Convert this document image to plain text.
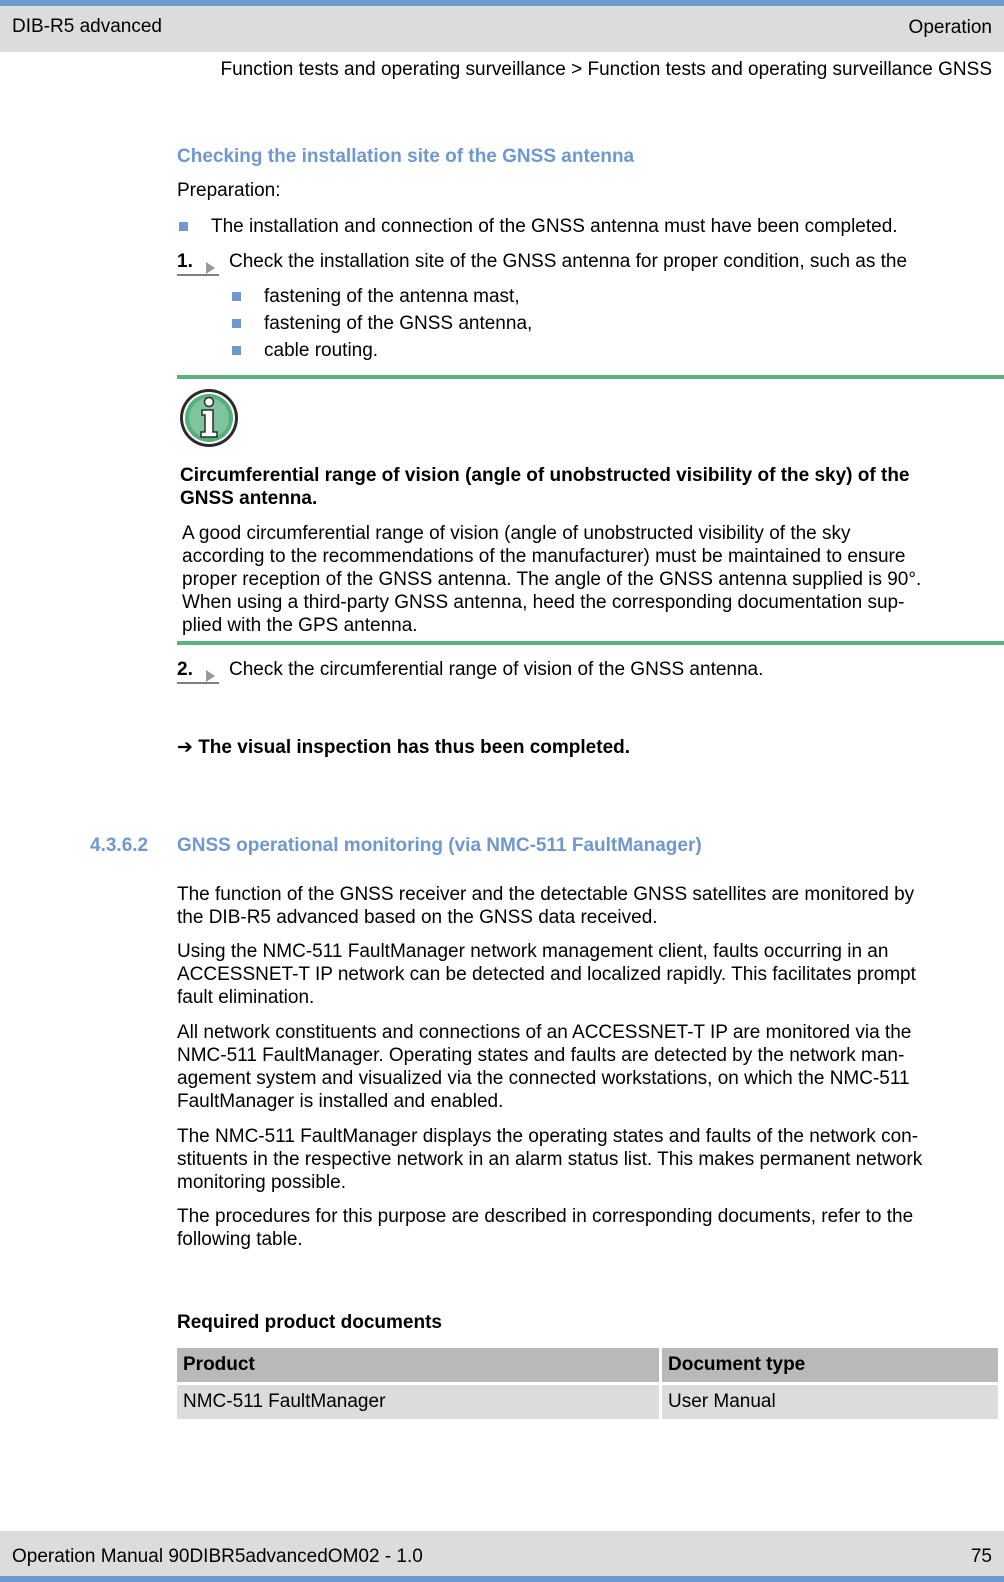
DIB-R5 advanced	Operation
Function tests and operating surveillance > Function tests and operating surveillance GNSS
Checking the installation site of the GNSS antenna
Preparation:
The installation and connection of the GNSS antenna must have been completed.
1. Check the installation site of the GNSS antenna for proper condition, such as the
fastening of the antenna mast,
fastening of the GNSS antenna,
cable routing.
Circumferential range of vision (angle of unobstructed visibility of the sky) of the
GNSS antenna.
A good circumferential range of vision (angle of unobstructed visibility of the sky
according to the recommendations of the manufacturer) must be maintained to ensure
proper reception of the GNSS antenna. The angle of the GNSS antenna supplied is 90°.
When using a third-party GNSS antenna, heed the corresponding documentation sup-
plied with the GPS antenna.
2. Check the circumferential range of vision of the GNSS antenna.
➔ The visual inspection has thus been completed.
4.3.6.2 GNSS operational monitoring (via NMC-511 FaultManager)
The function of the GNSS receiver and the detectable GNSS satellites are monitored by
the DIB-R5 advanced based on the GNSS data received.
Using the NMC-511 FaultManager network management client, faults occurring in an
ACCESSNET-T IP network can be detected and localized rapidly. This facilitates prompt
fault elimination.
All network constituents and connections of an ACCESSNET-T IP are monitored via the
NMC-511 FaultManager. Operating states and faults are detected by the network man-
agement system and visualized via the connected workstations, on which the NMC-511
FaultManager is installed and enabled.
The NMC-511 FaultManager displays the operating states and faults of the network con-
stituents in the respective network in an alarm status list. This makes permanent network
monitoring possible.
The procedures for this purpose are described in corresponding documents, refer to the
following table.
Required product documents
Product	Document type
NMC-511 FaultManager	User Manual
Operation Manual 90DIBR5advancedOM02 - 1.0	75
